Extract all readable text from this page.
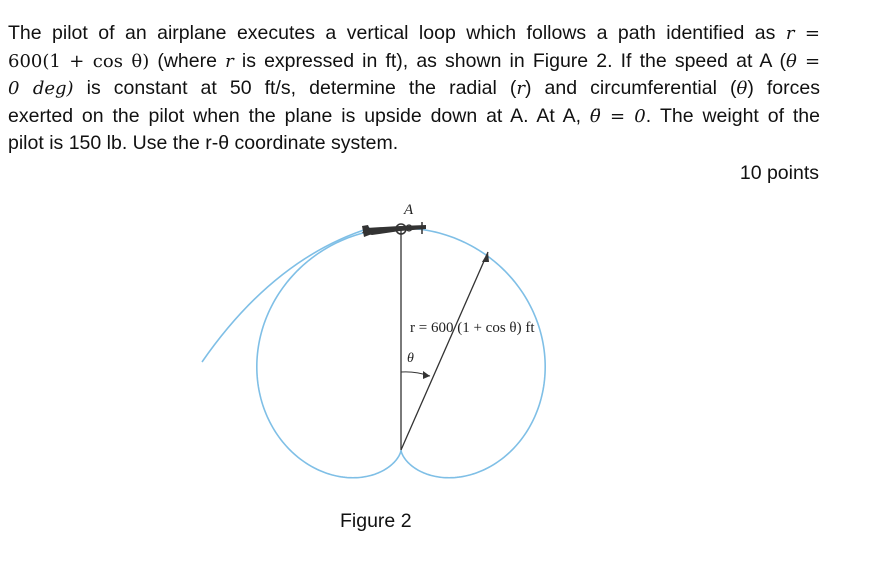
The pilot of an airplane executes a vertical loop which follows a path identified as r =
600(1 + cos θ) (where r is expressed in ft), as shown in Figure 2. If the speed at A (θ =
0 deg) is constant at 50 ft/s, determine the radial (r) and circumferential (θ) forces
exerted on the pilot when the plane is upside down at A. At A, θ̈ = 0. The weight of the
pilot is 150 lb. Use the r-θ coordinate system.
10 points
A
r = 600 (1 + cos θ) ft
θ
Figure 2
